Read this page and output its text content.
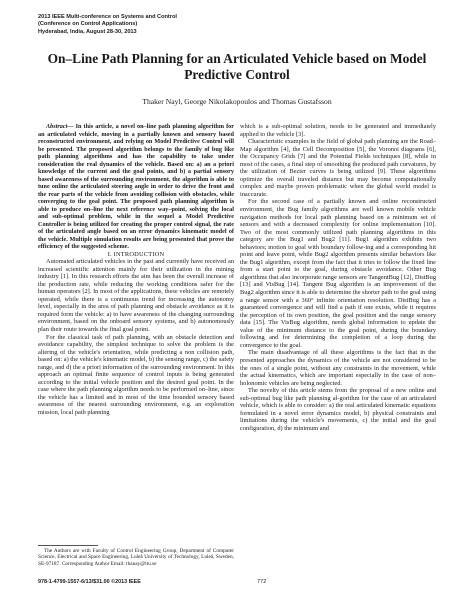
2013 IEEE Multi-conference on Systems and Control
(Conference on Control Applications)
Hyderabad, India, August 28-30, 2013
On–Line Path Planning for an Articulated Vehicle based on Model Predictive Control
Thaker Nayl, George Nikolakopoulos and Thomas Gustafsson

Abstract— In this article, a novel on–line path planning algorithm for an articulated vehicle, moving in a partially known and sensory based reconstructed environment, and relying on Model Predictive Control will be presented. The proposed algorithm belongs to the family of bug like path planning algorithms and has the capability to take under consideration the real dynamics of the vehicle. Based on: a) an a priori knowledge of the current and the goal points, and b) a partial sensory based awareness of the surrounding environment, the algorithm is able to tune online the articulated steering angle in order to drive the front and the rear parts of the vehicle from avoiding collision with obstacles, while converging to the goal point. The proposed path planning algorithm is able to produce on–line the next reference way–point, solving the local and sub-optimal problem, while in the sequel a Model Predictive Controller is being utilized for creating the proper control signal, the rate of the articulated angle based on an error dynamics kinematic model of the vehicle. Multiple simulation results are being presented that prove the efficiency of the suggested scheme.

I. INTRODUCTION

Automated articulated vehicles in the past and currently have received an increased scientific attention mainly for their utilization in the mining industry [1]. In this research efforts the aim has been the overall increase of the production rate, while reducing the working conditions safer for the human operators [2]. In most of the applications, these vehicles are remotely operated, while there is a continuous trend for increasing the autonomy level, especially in the area of path planning and obstacle avoidance as it is required form the vehicle: a) to have awareness of the changing surrounding environment, based on the onboard sensory systems, and b) autonomously plan their route towards the final goal point.

For the classical task of path planning, with an obstacle detection and avoidance capability, the simplest technique to solve the problem is the altering of the vehicle's orientation, while predicting a non collision path, based on: a) the vehicle's kinematic model, b) the sensing range, c) the safety range, and d) the a priori information of the surrounding environment. In this approach an optimal finite sequence of control inputs is being generated according to the initial vehicle position and the desired goal point. In the case where the path planning algorithm needs to be performed on–line, since the vehicle has a limited and in most of the time bounded sensory based awareness of the nearest surrounding environment, e.g. an exploration mission, local path planning

The Authors are with Faculty of Control Engineering Group, Department of Computer Science, Electrical and Space Engineering, Luleå University of Technology, Luleå, Sweden, SE-97187. Corresponding Author Email: thanay@ltu.se

which is a sub-optimal solution, needs to be generated and immediately applied to the vehicle [3].

Characteristic examples in the field of global path planning are the Road–Map algorithm [4], the Cell Decomposition [5], the Voronoi diagrams [6], the Occupancy Grids [7] and the Potential Fields techniques [8], while in most of the cases, a final step of smoothing the produced path curvatures, by the utilization of Bezier curves is being utilized [9]. These algorithms optimize the overall traveled distance but may become computationally complex and maybe proven problematic when the global world model is inaccurate.

For the second case of a partially known and online reconstructed environment, the Bug family algorithms are well known mobile vehicle navigation methods for local path planning based on a minimum set of sensors and with a decreased complexity for online implementation [10]. Two of the most commonly utilized path planning algorithms in this category are the Bug1 and Bug2 [11]. Bug1 algorithm exhibits two behaviors; motion to goal with boundary follow-ing and a corresponding hit point and leave point, while Bug2 algorithm presents similar behaviors like the Bug1 algorithm, except from the fact that it tries to follow the fixed line from a start point to the goal, during obstacle avoidance. Other Bug algorithms that also incorporate range sensors are TangentBug [12], DistBug [13] and VisBug [14]. Tangent Bug algorithm is an improvement of the Bug2 algorithm since it is able to determine the shorter path to the goal using a range sensor with a 360° infinite orientation resolution. DistBug has a guaranteed convergence and will find a path if one exists, while it requires the perception of its own position, the goal position and the range sensory data [15]. The VisBug algorithm, needs global information to update the value of the minimum distance to the goal point, during the boundary following and for determining the completion of a loop during the convergence to the goal.

The main disadvantage of all these algorithms is the fact that in the presented approaches the dynamics of the vehicle are not considered to be the ones of a single point, without any constraints in the movement, while the actual kinematics, which are important especially in the case of non–holonomic vehicles are being neglected.

The novelty of this article stems from the proposal of a new online and sub-optimal bug like path planning al-gorithm for the case of an articulated vehicle, which is able to consider: a) the real articulated kinematic equations formulated in a novel error dynamics model, b) physical constraints and limitations during the vehicle's movements, c) the initial and the goal configuration, d) the minimum and

978-1-4799-1557-6/13/$31.00 ©2013 IEEE	772
